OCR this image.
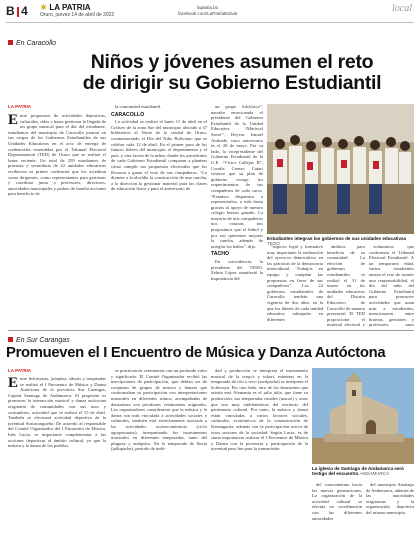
B 4 ☀ LA PATRIA
Oruro, jueves 14 de abril de 2022
lapatria.bo
facebook.com/LaPatriaBolivia	local
En Caracollo
Niños y jóvenes asumen el reto
de dirigir su Gobierno Estudiantil
LA PATRIA
Entre propuestas de actividades deportivas, culturales, ridas y hasta gestionar la llegada de un grupo musical para el día del estudiante, estudiantes del municipio de Caracollo juraron en sus cargos de los Gobiernos Estudiantiles de sus Unidades Educativas en el acto de entrega de credenciales extendidas por el Tribunal Electoral Departamental (TED) de Oruro que se realizó el lunes reciente. Un total de 259 estudiantes de primaria y secundaria de 22 unidades educativas recibieron su primer credencial que los acreditan como dirigentes, como representantes para gestionar y coordinar junto a profesores, directores, autoridades municipales y padres de familia acciones para beneficio de

la comunidad estudiantil.

CARACOLLO

La actividad se realizó el lunes 11 de abril en el Coliseo de la zona Sur del municipio ubicado a 37 kilómetros al Norte de la ciudad de Oruro, conmemorando el Día del Niño Boliviano que se celebra cada 12 de abril. En el primer paso de los futuros líderes del municipio, el departamento y el país, y otra faceta de la niñez, donde los presidentes de cada Gobierno Estudiantil comparan a plantear cómo cumplir sus propuestas electorales que los llevaron a ganar el voto de sus compañeros. “Le dioneta a la alcaldía la construcción de una cancha, a la dirección la gestionar material para las clases de educación física y para el aniversario de

un grupo folclórico”, narraba emocionada el presidente del Gobierno Estudiantil de la Unidad Educativa “Mariscal Sucre”, Deyvar Ismael Andrade, cuyo aniversario es el 20 de mayo. Por su lado, la vicepresidente del Gobierno Estudiantil de la U.E. “Víctor Callejas B”, Coraila Cerezo Catari sostuvo que su plan de gobierno recoge los requerimientos de sus compañeros de cada curso. “Estamos dispuestos a representarlos, a más hasta gracias al apoyo de nuestro colegio hemos ganado. La mayoría de mis compañeros nos votaron, nos propusimos que el fútbol y por eso queremos mejorar la cancha, además de arreglar los baños”, dijo.

TACHO

En coincidencia, la presidente del TEDO, Zelma López manifestó la importancia del

Estudiantes integran los gobiernos de sus unidades educativas TEDO

“aspecto legal y formativo muy importante la realización del ejercicio democrático en las prácticas de la democracia intercultural. Trabajos en equipo y cumplan las propuestas en favor de sus compañeros”. Los 22 gobiernos estudiantiles de Caracollo tendrán una vigencia de dos años, en la que los líderes de cada unidad educativa trabajarán en diferentes

ámbitos para beneficio de su comunidad. La elección de gobiernos estudiantiles se realizó el 31 de marzo en las unidades educativas del Distrito Educativo de Caracollo de manera presencial. El TED proporcionó el material electoral y

voluntarios que conforman el Tribunal Electoral Estudiantil. A un temporario edad, varios estudiantes ansían el reto de asumir una responsabilidad, el día del niño del Gobierno Estudiantil para promover actividades que unan más a estudiantes, mencionaron entre bromas, gestiones y profesores, unos

En Sur Carangas
Promueven el I Encuentro de Música y Danza Autóctona
LA PATRIA
Entre lichiwayas, julajulas, sikuris y tarqueadas se realizó el I Encuentro de Música y Danza Autóctona de la provincia Sur Carangas, Capital Santiago de Andamarca. El propósito es promover la interacción musical y danza autóctona originaria de comunidades con sus usos y costumbres, actividad que se realizó el 15 de abril. También se efectuará actividad deportiva de la juventud Surcarangueña. De acuerdo al responsable del Comité Organizador del I Encuentro de Música, Inés Lucia, es importante complementar a las acciones deportivas al ámbito cultural, ya que la música y la danza de los pueblos

se practican en ceremonias con un profundo valor y significado. El Comité Organizador recibió las inscripciones de participación, que debían ser de conjuntos de grupos de música y danzas que conformaban su participación con interpretaciones musicales en diferentes ritmos, acompañadas de danzarines con peculiares vestimentas originales. Los organizadores consideraron que la música y la danza son más vinculada a actividades sociales y culturales, también está estrechamente asociada a las actividades socioeconómicas (ciclo agropecuario), interpretando los instrumentos musicales en diferentes temporadas, tanto del pluguey y autóptico. En la temporada de lluvia (jallupacha), periodo de turbi-

dad y producción se interpreta el instrumento musical de la tarqu'a y tokori, mientras en la temporada de frío o seco (awtipacha) se interpreta el lichiwaya. Por otro lado, otro de los danzarines que asistía está Alemania es el julia julia, que tiene su producción, sus temporadas rituales (marzo) y otras que son muy emblemáticas del territorio del patrimonio cultural. Por tanto, la música y danza están vinculadas a varios factores sociales, culturales, económicos de la comunicación de Kenangarita, además con la participación activa de otros sectores de la sociedad. Según Lucía, es de suma importancia realizar el I Encuentro de Música y Danza con la presencia y participación de la juventud pero fue para la transmisión

La iglesia de Santiago de Andamarca será testigo del encuentro ANDAMARCA

del conocimiento hacia las nuevas generaciones. La organización de la actividad cultural se efectúa en coordinación con las diferentes autoridades

del municipio Santiago de Andamarca, además de las autoridades originarias y la organización deportiva del mismo municipio.
